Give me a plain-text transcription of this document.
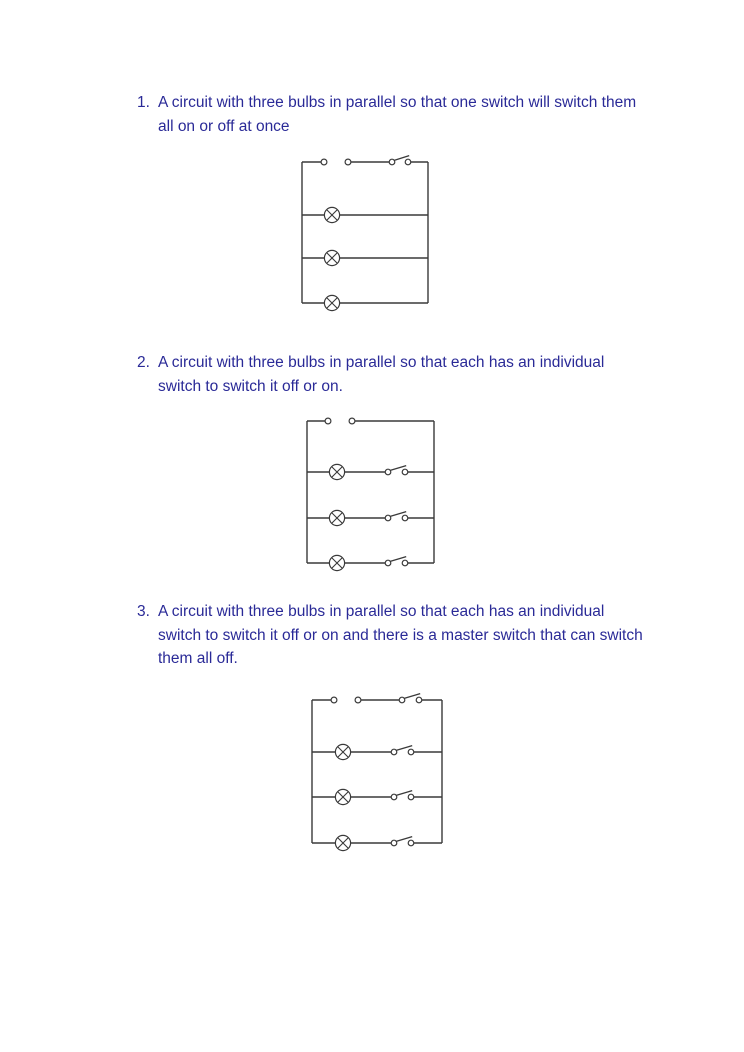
1. A circuit with three bulbs in parallel so that one switch will switch them
all on or off at once
2. A circuit with three bulbs in parallel so that each has an individual
switch to switch it off or on.
3. A circuit with three bulbs in parallel so that each has an individual
switch to switch it off or on and there is a master switch that can switch
them all off.
